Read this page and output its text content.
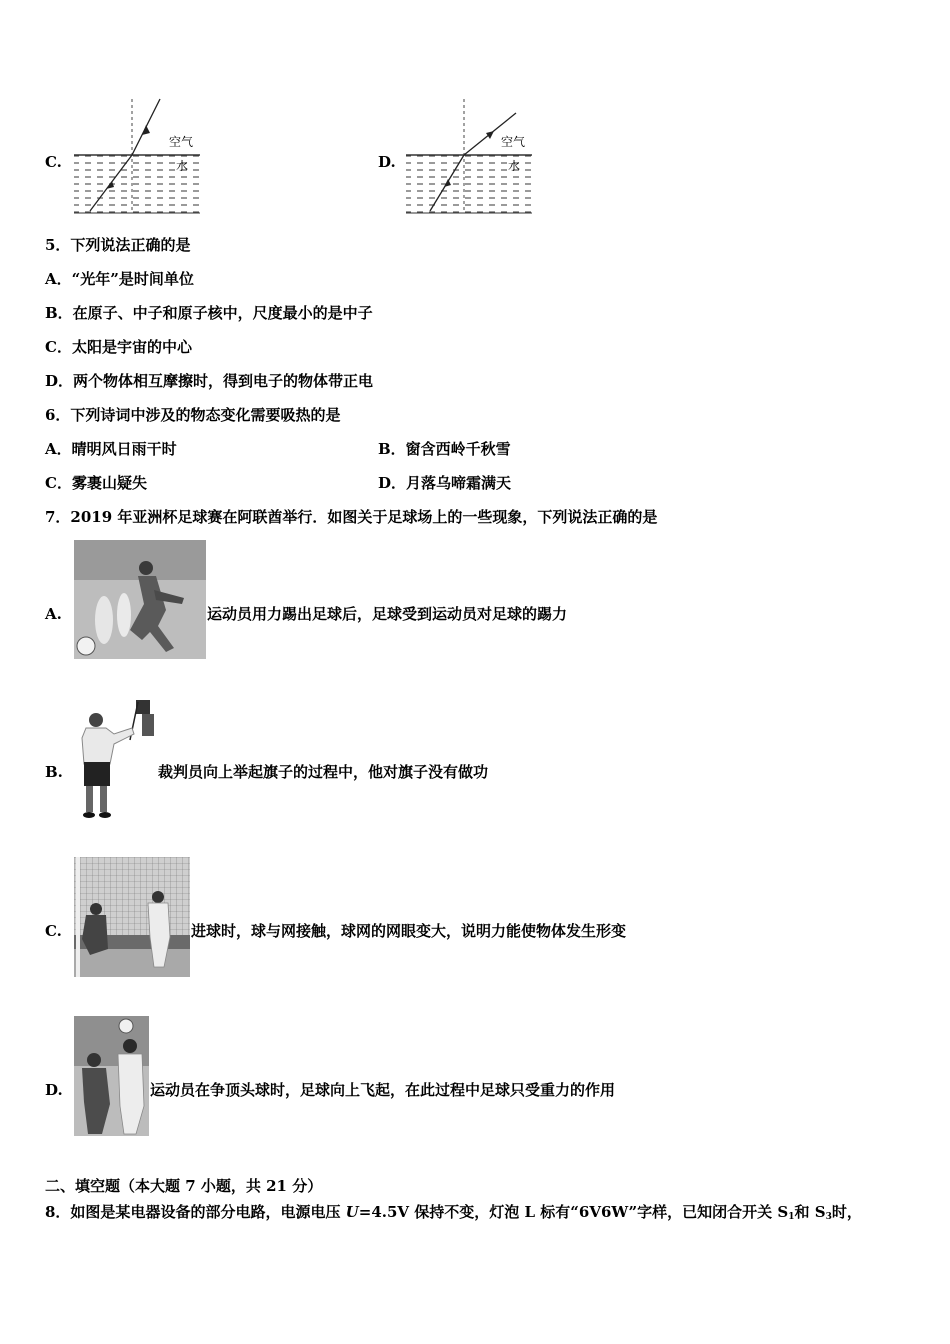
C.
空气
水	D.
空气
水
5．下列说法正确的是
A．“光年”是时间单位
B．在原子、中子和原子核中，尺度最小的是中子
C．太阳是宇宙的中心
D．两个物体相互摩擦时，得到电子的物体带正电
6．下列诗词中涉及的物态变化需要吸热的是
A．晴明风日雨干时	B．窗含西岭千秋雪
C．雾裹山疑失	D．月落乌啼霜满天
7．2019 年亚洲杯足球赛在阿联酋举行．如图关于足球场上的一些现象，下列说法正确的是
A.	运动员用力踢出足球后，足球受到运动员对足球的踢力
B.	裁判员向上举起旗子的过程中，他对旗子没有做功
C.	进球时，球与网接触，球网的网眼变大，说明力能使物体发生形变
D.	运动员在争顶头球时，足球向上飞起，在此过程中足球只受重力的作用
二、填空题（本大题 7 小题，共 21 分）
8．如图是某电器设备的部分电路，电源电压 U=4.5V 保持不变，灯泡 L 标有“6V6W”字样，已知闭合开关 $S_1$和 $S_3$时，
